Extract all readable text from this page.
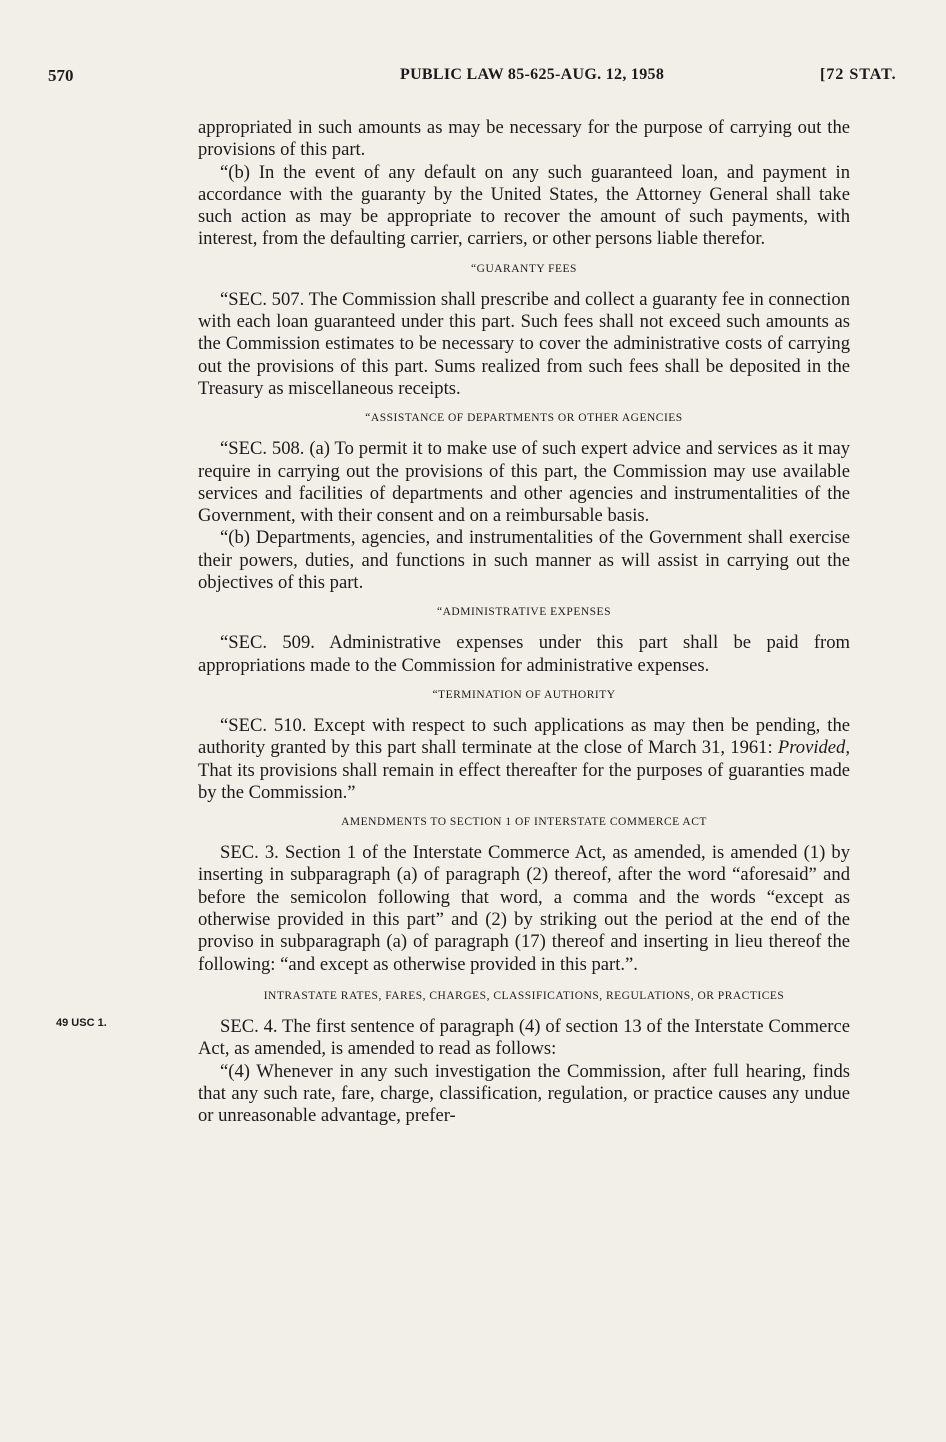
570	PUBLIC LAW 85-625-AUG. 12, 1958	[72 STAT.

appropriated in such amounts as may be necessary for the purpose of carrying out the provisions of this part.

“(b) In the event of any default on any such guaranteed loan, and payment in accordance with the guaranty by the United States, the Attorney General shall take such action as may be appropriate to recover the amount of such payments, with interest, from the defaulting carrier, carriers, or other persons liable therefor.

“GUARANTY FEES

“SEC. 507. The Commission shall prescribe and collect a guaranty fee in connection with each loan guaranteed under this part. Such fees shall not exceed such amounts as the Commission estimates to be necessary to cover the administrative costs of carrying out the provisions of this part. Sums realized from such fees shall be deposited in the Treasury as miscellaneous receipts.

“ASSISTANCE OF DEPARTMENTS OR OTHER AGENCIES

“SEC. 508. (a) To permit it to make use of such expert advice and services as it may require in carrying out the provisions of this part, the Commission may use available services and facilities of departments and other agencies and instrumentalities of the Government, with their consent and on a reimbursable basis.

“(b) Departments, agencies, and instrumentalities of the Government shall exercise their powers, duties, and functions in such manner as will assist in carrying out the objectives of this part.

“ADMINISTRATIVE EXPENSES

“SEC. 509. Administrative expenses under this part shall be paid from appropriations made to the Commission for administrative expenses.

“TERMINATION OF AUTHORITY

“SEC. 510. Except with respect to such applications as may then be pending, the authority granted by this part shall terminate at the close of March 31, 1961: Provided, That its provisions shall remain in effect thereafter for the purposes of guaranties made by the Commission.”

AMENDMENTS TO SECTION 1 OF INTERSTATE COMMERCE ACT

SEC. 3. Section 1 of the Interstate Commerce Act, as amended, is amended (1) by inserting in subparagraph (a) of paragraph (2) thereof, after the word “aforesaid” and before the semicolon following that word, a comma and the words “except as otherwise provided in this part” and (2) by striking out the period at the end of the proviso in subparagraph (a) of paragraph (17) thereof and inserting in lieu thereof the following: “and except as otherwise provided in this part.”.

INTRASTATE RATES, FARES, CHARGES, CLASSIFICATIONS, REGULATIONS, OR PRACTICES

SEC. 4. The first sentence of paragraph (4) of section 13 of the Interstate Commerce Act, as amended, is amended to read as follows:

“(4) Whenever in any such investigation the Commission, after full hearing, finds that any such rate, fare, charge, classification, regulation, or practice causes any undue or unreasonable advantage, prefer-

49 USC 1.
